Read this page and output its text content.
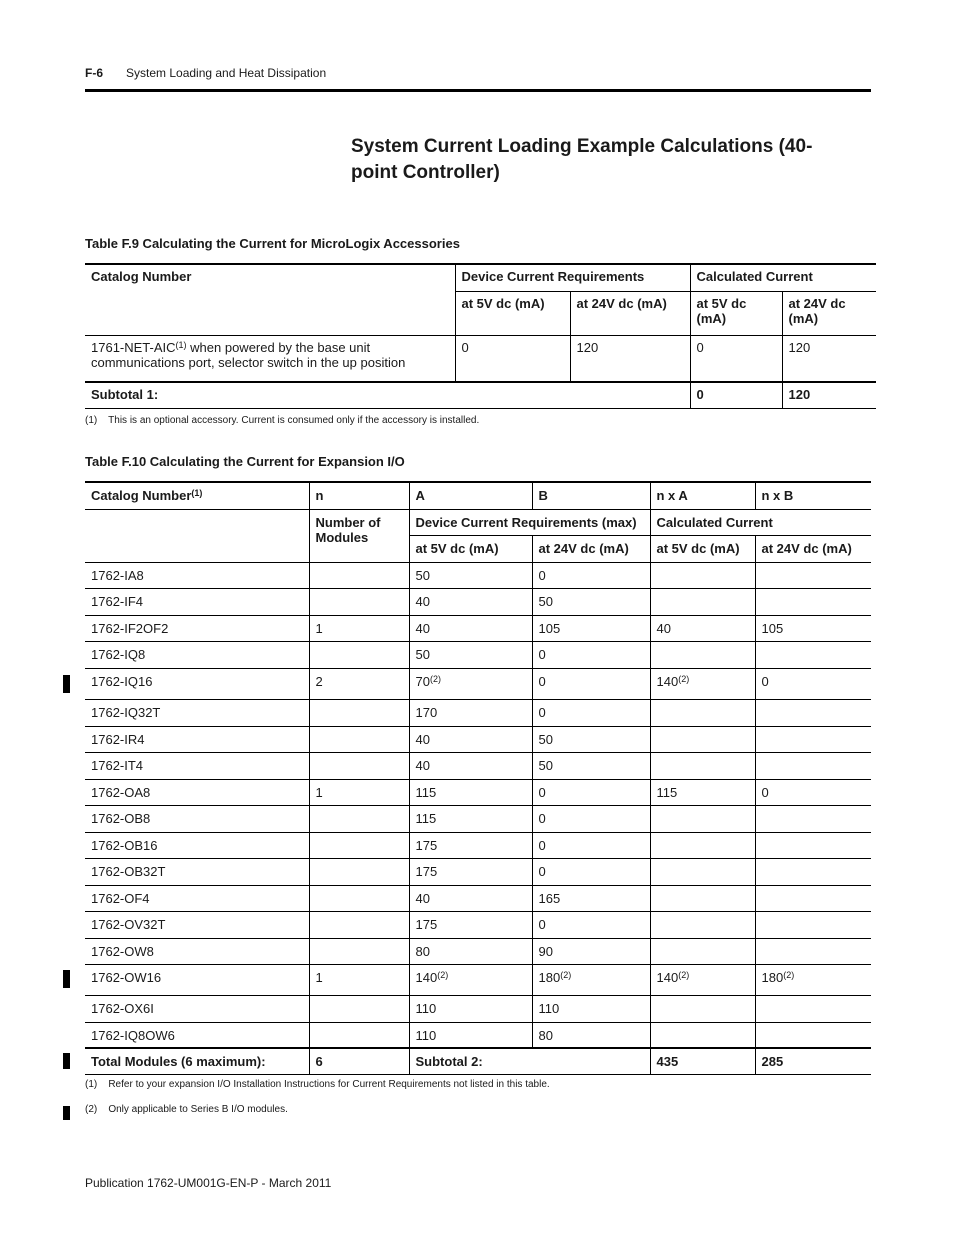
F-6 System Loading and Heat Dissipation
System Current Loading Example Calculations (40-point Controller)
Table F.9 Calculating the Current for MicroLogix Accessories
Catalog Number	Device Current Requirements		Calculated Current	
	at 5V dc (mA)	at 24V dc (mA)	at 5V dc (mA)	at 24V dc (mA)
1761-NET-AIC$^{(1)}$ when powered by the base unit communications port, selector switch in the up position	0	120	0	120
Subtotal 1:			0	120
(1)    This is an optional accessory. Current is consumed only if the accessory is installed.
Table F.10 Calculating the Current for Expansion I/O
Catalog Number$^{(1)}$	n	A	B	n x A	n x B
	Number of Modules	Device Current Requirements (max)		Calculated Current	
		at 5V dc (mA)	at 24V dc (mA)	at 5V dc (mA)	at 24V dc (mA)
1762-IA8		50	0		
1762-IF4		40	50		
1762-IF2OF2	1	40	105	40	105
1762-IQ8		50	0		
1762-IQ16	2	70$^{(2)}$	0	140$^{(2)}$	0
1762-IQ32T		170	0		
1762-IR4		40	50		
1762-IT4		40	50		
1762-OA8	1	115	0	115	0
1762-OB8		115	0		
1762-OB16		175	0		
1762-OB32T		175	0		
1762-OF4		40	165		
1762-OV32T		175	0		
1762-OW8		80	90		
1762-OW16	1	140$^{(2)}$	180$^{(2)}$	140$^{(2)}$	180$^{(2)}$
1762-OX6I		110	110		
1762-IQ8OW6		110	80		
Total Modules (6 maximum):	6	Subtotal 2:		435	285
(1)    Refer to your expansion I/O Installation Instructions for Current Requirements not listed in this table.
(2)    Only applicable to Series B I/O modules.
Publication 1762-UM001G-EN-P - March 2011
